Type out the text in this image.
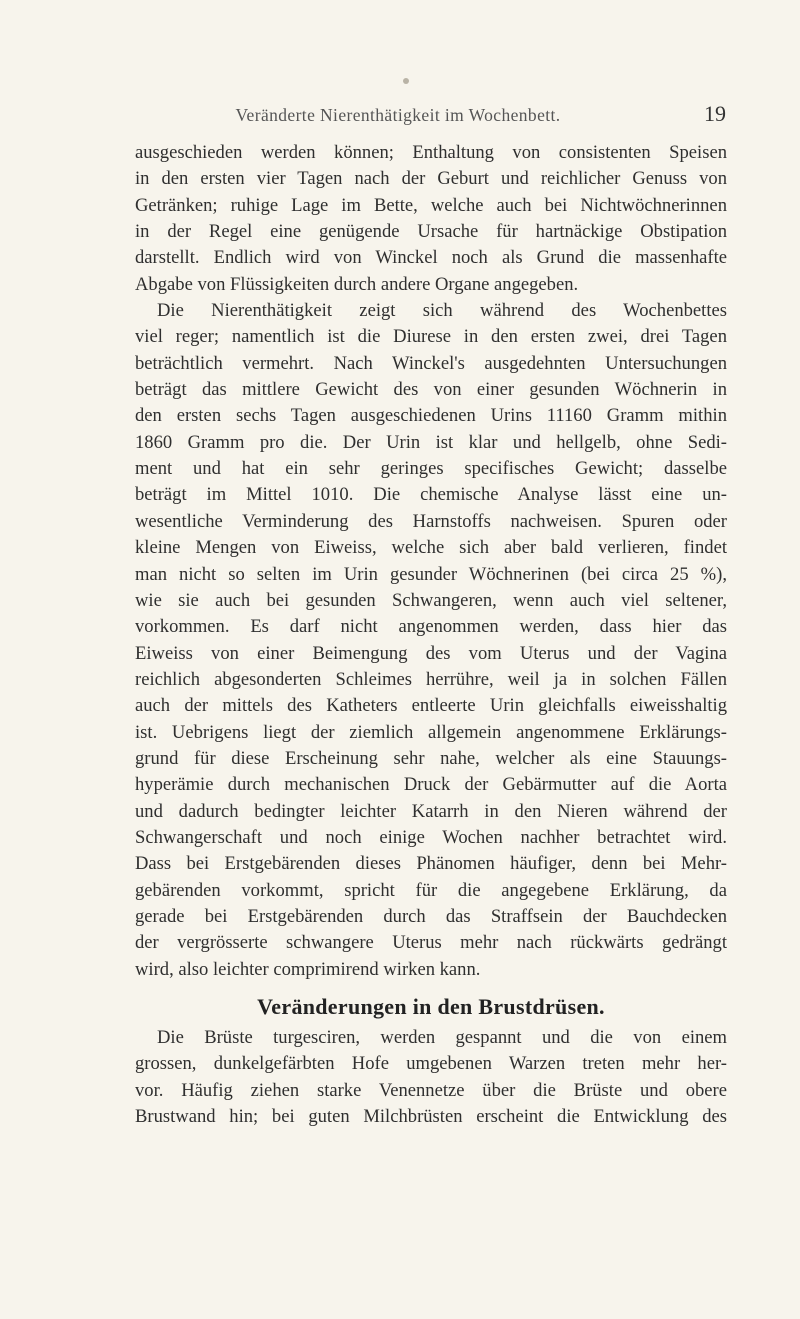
Veränderte Nierenthätigkeit im Wochenbett.	19
ausgeschieden werden können; Enthaltung von consistenten Speisen
in den ersten vier Tagen nach der Geburt und reichlicher Genuss von
Getränken; ruhige Lage im Bette, welche auch bei Nichtwöchnerinnen
in der Regel eine genügende Ursache für hartnäckige Obstipation
darstellt. Endlich wird von Winckel noch als Grund die massenhafte
Abgabe von Flüssigkeiten durch andere Organe angegeben.
Die Nierenthätigkeit zeigt sich während des Wochenbettes
viel reger; namentlich ist die Diurese in den ersten zwei, drei Tagen
beträchtlich vermehrt. Nach Winckel's ausgedehnten Untersuchungen
beträgt das mittlere Gewicht des von einer gesunden Wöchnerin in
den ersten sechs Tagen ausgeschiedenen Urins 11160 Gramm mithin
1860 Gramm pro die. Der Urin ist klar und hellgelb, ohne Sedi-
ment und hat ein sehr geringes specifisches Gewicht; dasselbe
beträgt im Mittel 1010. Die chemische Analyse lässt eine un-
wesentliche Verminderung des Harnstoffs nachweisen. Spuren oder
kleine Mengen von Eiweiss, welche sich aber bald verlieren, findet
man nicht so selten im Urin gesunder Wöchnerinen (bei circa 25 %),
wie sie auch bei gesunden Schwangeren, wenn auch viel seltener,
vorkommen. Es darf nicht angenommen werden, dass hier das
Eiweiss von einer Beimengung des vom Uterus und der Vagina
reichlich abgesonderten Schleimes herrühre, weil ja in solchen Fällen
auch der mittels des Katheters entleerte Urin gleichfalls eiweisshaltig
ist. Uebrigens liegt der ziemlich allgemein angenommene Erklärungs-
grund für diese Erscheinung sehr nahe, welcher als eine Stauungs-
hyperämie durch mechanischen Druck der Gebärmutter auf die Aorta
und dadurch bedingter leichter Katarrh in den Nieren während der
Schwangerschaft und noch einige Wochen nachher betrachtet wird.
Dass bei Erstgebärenden dieses Phänomen häufiger, denn bei Mehr-
gebärenden vorkommt, spricht für die angegebene Erklärung, da
gerade bei Erstgebärenden durch das Straffsein der Bauchdecken
der vergrösserte schwangere Uterus mehr nach rückwärts gedrängt
wird, also leichter comprimirend wirken kann.
Veränderungen in den Brustdrüsen.
Die Brüste turgesciren, werden gespannt und die von einem
grossen, dunkelgefärbten Hofe umgebenen Warzen treten mehr her-
vor. Häufig ziehen starke Venennetze über die Brüste und obere
Brustwand hin; bei guten Milchbrüsten erscheint die Entwicklung des
